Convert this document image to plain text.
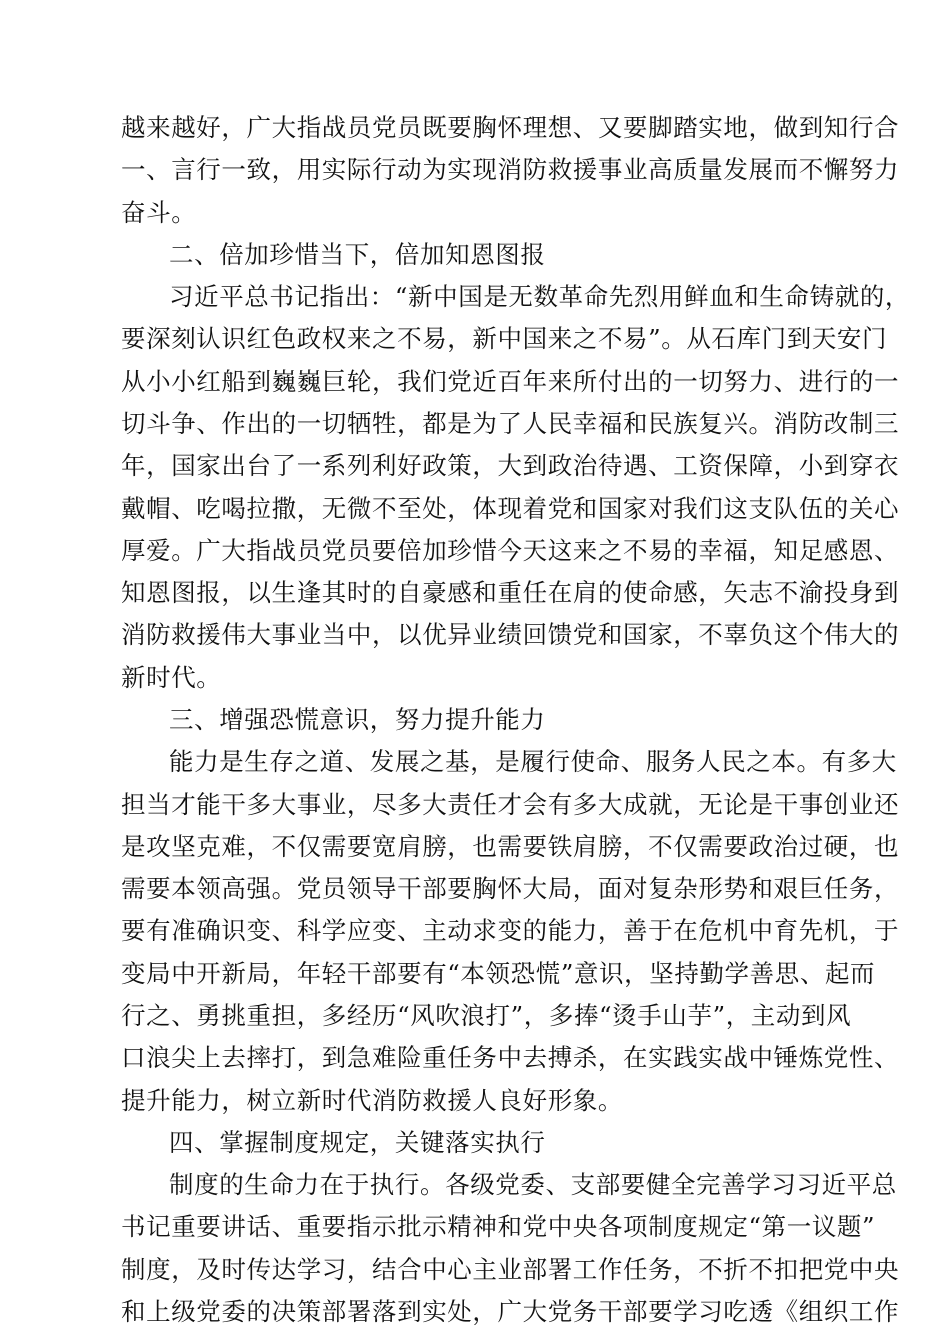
越来越好，广大指战员党员既要胸怀理想、又要脚踏实地，做到知行合
一、言行一致，用实际行动为实现消防救援事业高质量发展而不懈努力
奋斗。
二、倍加珍惜当下，倍加知恩图报
习近平总书记指出：“新中国是无数革命先烈用鲜血和生命铸就的，
要深刻认识红色政权来之不易，新中国来之不易”。从石库门到天安门
从小小红船到巍巍巨轮，我们党近百年来所付出的一切努力、进行的一
切斗争、作出的一切牺牲，都是为了人民幸福和民族复兴。消防改制三
年，国家出台了一系列利好政策，大到政治待遇、工资保障，小到穿衣
戴帽、吃喝拉撒，无微不至处，体现着党和国家对我们这支队伍的关心
厚爱。广大指战员党员要倍加珍惜今天这来之不易的幸福，知足感恩、
知恩图报，以生逢其时的自豪感和重任在肩的使命感，矢志不渝投身到
消防救援伟大事业当中，以优异业绩回馈党和国家，不辜负这个伟大的
新时代。
三、增强恐慌意识，努力提升能力
能力是生存之道、发展之基，是履行使命、服务人民之本。有多大
担当才能干多大事业，尽多大责任才会有多大成就，无论是干事创业还
是攻坚克难，不仅需要宽肩膀，也需要铁肩膀，不仅需要政治过硬，也
需要本领高强。党员领导干部要胸怀大局，面对复杂形势和艰巨任务，
要有准确识变、科学应变、主动求变的能力，善于在危机中育先机，于
变局中开新局，年轻干部要有“本领恐慌”意识，坚持勤学善思、起而
行之、勇挑重担，多经历“风吹浪打”，多捧“烫手山芋”，主动到风
口浪尖上去摔打，到急难险重任务中去搏杀，在实践实战中锤炼党性、
提升能力，树立新时代消防救援人良好形象。
四、掌握制度规定，关键落实执行
制度的生命力在于执行。各级党委、支部要健全完善学习习近平总
书记重要讲话、重要指示批示精神和党中央各项制度规定“第一议题”
制度，及时传达学习，结合中心主业部署工作任务，不折不扣把党中央
和上级党委的决策部署落到实处，广大党务干部要学习吃透《组织工作
